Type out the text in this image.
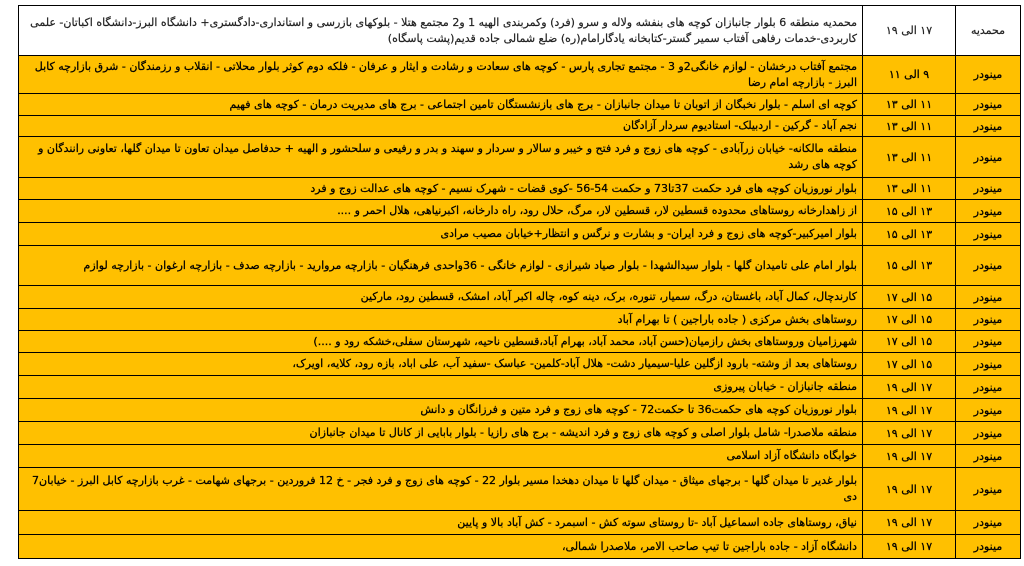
محمدیه	۱۷ الی ۱۹	محمدیه منطقه 6 بلوار جانبازان کوچه های بنفشه ولاله و سرو (فرد) وکمربندی الهیه 1 و2 مجتمع هتلا - بلوکهای بازرسی و استانداری-دادگستری+ دانشگاه البرز-دانشگاه اکباتان- علمی کاربردی-خدمات رفاهی آفتاب سمیر گستر-کتابخانه یادگارامام(ره) ضلع شمالی جاده قدیم(پشت پاسگاه)

مینودر	۹ الی ۱۱	مجتمع آفتاب درخشان - لوازم خانگی2و 3 - مجتمع تجاری پارس - کوچه های سعادت و رشادت و ایثار و عرفان - فلکه دوم کوثر بلوار محلاتی - انقلاب و رزمندگان - شرق بازارچه کابل البرز - بازارچه امام رضا

مینودر	۱۱ الی ۱۳	کوچه ای اسلم - بلوار نخبگان از اتوبان تا میدان جانبازان - برج های بازنشستگان تامین اجتماعی - برج های مدیریت درمان - کوچه های فهیم

مینودر	۱۱ الی ۱۳	نجم آباد - گرکین - اردبیلک- استادیوم سردار آزادگان

مینودر	۱۱ الی ۱۳	منطقه مالکانه- خیابان زرآبادی - کوچه های زوج و فرد فتح و خیبر و سالار و سردار و سهند و بدر و رفیعی و سلحشور و الهیه + حدفاصل میدان تعاون تا میدان گلها، تعاونی رانندگان و کوچه های رشد

مینودر	۱۱ الی ۱۳	بلوار نوروزیان کوچه های فرد حکمت 37تا73 و حکمت 54-56 -کوی قضات - شهرک نسیم - کوچه های عدالت زوج و فرد

مینودر	۱۳ الی ۱۵	از زاهدارخانه روستاهای محدوده قسطین لار، قسطین لار، مرگ، حلال رود، راه دارخانه، اکبرنیاهی، هلال احمر و ....

مینودر	۱۳ الی ۱۵	بلوار امیرکبیر-کوچه های زوج و فرد ایران- و بشارت و نرگس و انتظار+خیابان مصیب مرادی

مینودر	۱۳ الی ۱۵	بلوار امام علی تامیدان گلها - بلوار سیدالشهدا - بلوار صیاد شیرازی - لوازم خانگی - 36واحدی فرهنگیان - بازارچه مروارید - بازارچه صدف - بازارچه ارغوان - بازارچه لوازم

مینودر	۱۵ الی ۱۷	کارندچال، کمال آباد، باغستان، درگ، سمیار، تنوره، برک، دینه کوه، چاله اکبر آباد، امشک، قسطین رود، مارکین

مینودر	۱۵ الی ۱۷	روستاهای بخش مرکزی ( جاده باراجین ) تا بهرام آباد

مینودر	۱۵ الی ۱۷	شهرزامیان وروستاهای بخش رازمیان(حسن آباد، محمد آباد، بهرام آباد،قسطین ناحیه، شهرستان سفلی،خشکه رود و ....)

مینودر	۱۵ الی ۱۷	روستاهای بعد از وشته- بارود ازگلین علیا-سیمیار دشت- هلال آباد-کلمین- عباسک -سفید آب، علی اباد، بازه رود، کلایه، اویرک،

مینودر	۱۷ الی ۱۹	منطقه جانبازان - خیابان پیروزی

مینودر	۱۷ الی ۱۹	بلوار نوروزیان کوچه های حکمت36 تا حکمت72 - کوچه های زوج و فرد متین و فرزانگان و دانش

مینودر	۱۷ الی ۱۹	منطقه ملاصدرا- شامل بلوار اصلی و کوچه های زوج و فرد اندیشه - برج های رازیا - بلوار بابایی از کانال تا میدان جانبازان

مینودر	۱۷ الی ۱۹	خوابگاه دانشگاه آزاد اسلامی

مینودر	۱۷ الی ۱۹	بلوار غدیر تا میدان گلها - برجهای میثاق - میدان گلها تا میدان دهخدا مسیر بلوار 22 - کوچه های زوج و فرد فجر - خ 12 فروردین - برجهای شهامت - غرب بازارچه کابل البرز - خیابان7 دی

مینودر	۱۷ الی ۱۹	نیاق، روستاهای جاده اسماعیل آباد -تا روستای سوته کش - اسبمرد - کش آباد بالا و پایین

مینودر	۱۷ الی ۱۹	دانشگاه آزاد - جاده باراجین تا تیپ صاحب الامر، ملاصدرا شمالی،
